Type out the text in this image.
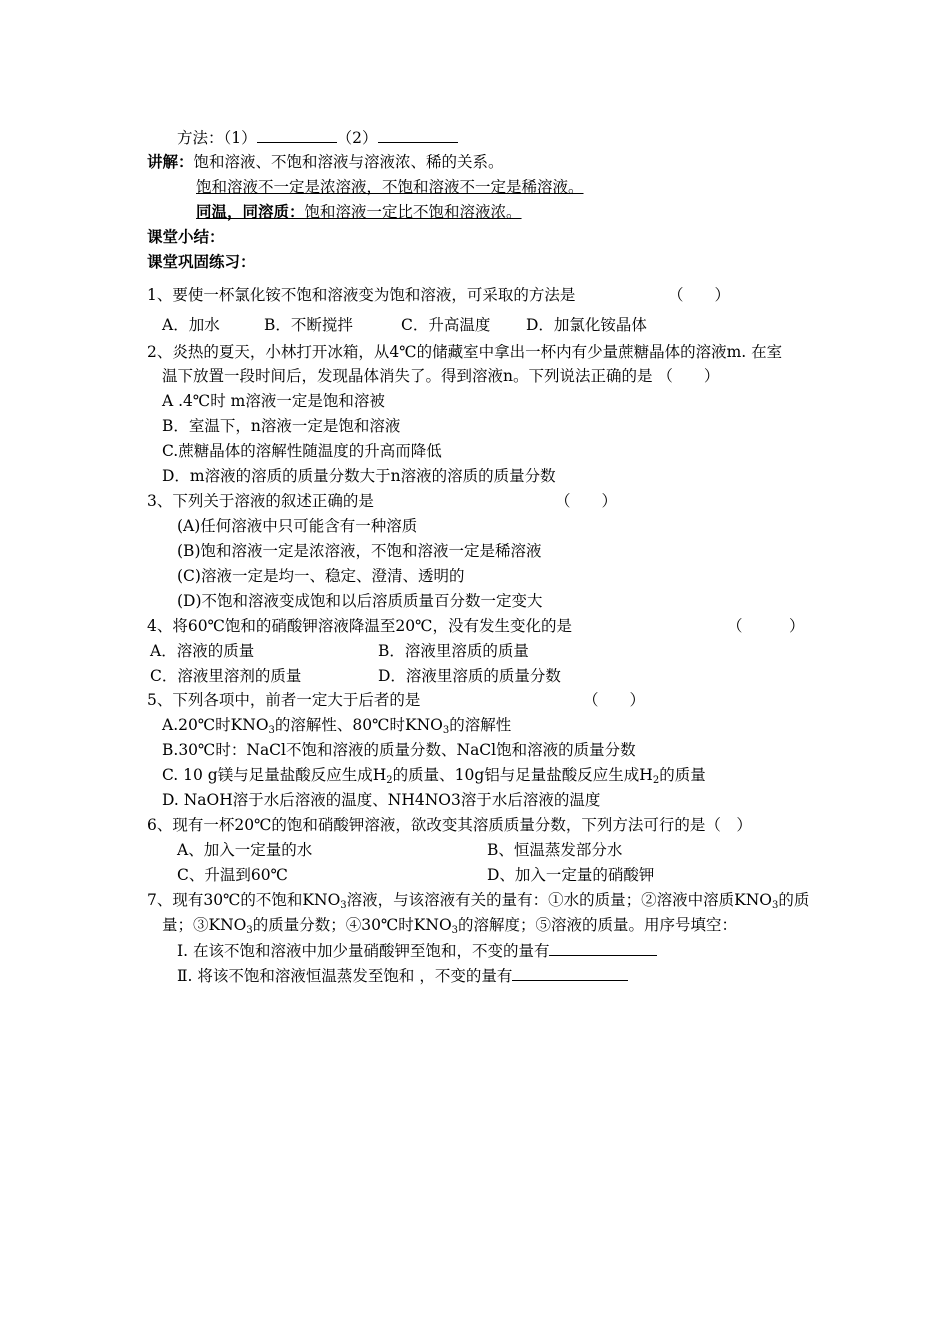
方法：（1）	（2）
讲解：饱和溶液、不饱和溶液与溶液浓、稀的关系。
饱和溶液不一定是浓溶液，不饱和溶液不一定是稀溶液。
同温，同溶质：饱和溶液一定比不饱和溶液浓。
课堂小结：
课堂巩固练习：
1、要使一杯氯化铵不饱和溶液变为饱和溶液，可采取的方法是	（　　）
A．加水	B．不断搅拌	C．升高温度 D．加氯化铵晶体
2、炎热的夏天，小林打开冰箱，从4℃的储藏室中拿出一杯内有少量蔗糖晶体的溶液m. 在室
温下放置一段时间后，发现晶体消失了。得到溶液n。下列说法正确的是 （　　）
A .4℃时 m溶液一定是饱和溶被
B．室温下，n溶液一定是饱和溶液
C.蔗糖晶体的溶解性随温度的升高而降低
D．m溶液的溶质的质量分数大于n溶液的溶质的质量分数
3、下列关于溶液的叙述正确的是	（　　）
(A)任何溶液中只可能含有一种溶质
(B)饱和溶液一定是浓溶液，不饱和溶液一定是稀溶液
(C)溶液一定是均一、稳定、澄清、透明的
(D)不饱和溶液变成饱和以后溶质质量百分数一定变大
4、将60℃饱和的硝酸钾溶液降温至20℃，没有发生变化的是	（　　　）
A．溶液的质量	B．溶液里溶质的质量
C．溶液里溶剂的质量	D．溶液里溶质的质量分数
5、下列各项中，前者一定大于后者的是	（　　）
A.20℃时$KNO_3$的溶解性、80℃时$KNO_3$的溶解性
B.30℃时：NaCl不饱和溶液的质量分数、NaCl饱和溶液的质量分数
C. 10 g镁与足量盐酸反应生成$H_2$的质量、10g铝与足量盐酸反应生成$H_2$的质量
D. NaOH溶于水后溶液的温度、NH4NO3溶于水后溶液的温度
6、现有一杯20℃的饱和硝酸钾溶液，欲改变其溶质质量分数，下列方法可行的是（　）
A、加入一定量的水	B、恒温蒸发部分水
C、升温到60℃	D、加入一定量的硝酸钾
7、现有30℃的不饱和$KNO_3$溶液，与该溶液有关的量有：①水的质量；②溶液中溶质$KNO_3$的质
量；$③KNO_3$的质量分数；④30℃时$KNO_3$的溶解度；⑤溶液的质量。用序号填空：
Ⅰ. 在该不饱和溶液中加少量硝酸钾至饱和，不变的量有
Ⅱ. 将该不饱和溶液恒温蒸发至饱和 ，不变的量有
